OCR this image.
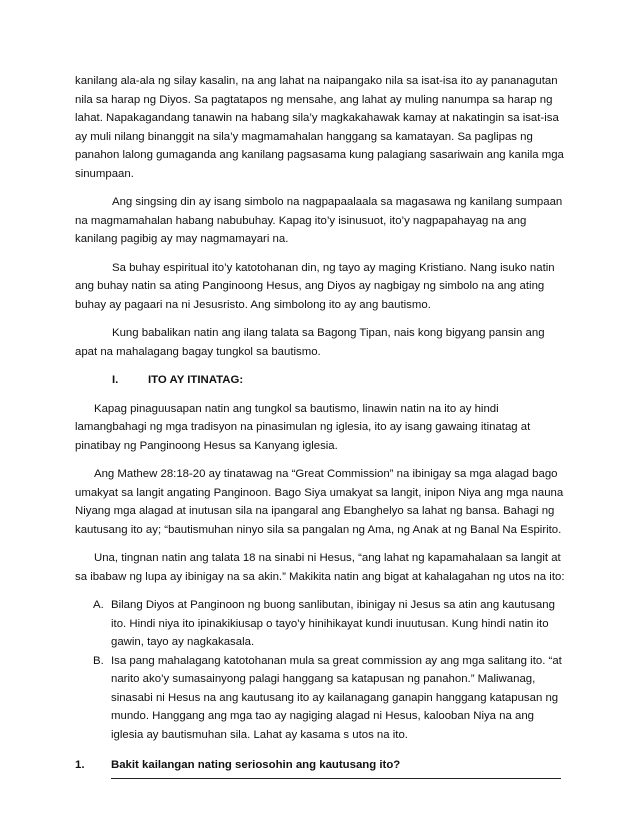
kanilang ala-ala ng silay kasalin, na ang lahat na naipangako nila sa isat-isa ito ay pananagutan nila sa harap ng Diyos. Sa pagtatapos ng mensahe, ang lahat ay muling nanumpa sa harap ng lahat. Napakagandang tanawin na habang sila’y magkakahawak kamay at nakatingin sa isat-isa ay muli nilang binanggit na sila’y magmamahalan hanggang sa kamatayan. Sa paglipas ng panahon lalong gumaganda ang kanilang pagsasama kung palagiang sasariwain ang kanila mga sinumpaan.

Ang singsing din ay isang simbolo na nagpapaalaala sa magasawa ng kanilang sumpaan na magmamahalan habang nabubuhay. Kapag ito’y isinusuot, ito’y nagpapahayag na ang kanilang pagibig ay may nagmamayari na.

Sa buhay espiritual ito’y katotohanan din, ng tayo ay maging Kristiano. Nang isuko natin ang buhay natin sa ating Panginoong Hesus, ang Diyos ay nagbigay ng simbolo na ang ating buhay ay pagaari na ni Jesusristo. Ang simbolong ito ay ang bautismo.

Kung babalikan natin ang ilang talata sa Bagong Tipan, nais kong bigyang pansin ang apat na mahalagang bagay tungkol sa bautismo.

I.	ITO AY ITINATAG:

Kapag pinaguusapan natin ang tungkol sa bautismo, linawin natin na ito ay hindi lamangbahagi ng mga tradisyon na pinasimulan ng iglesia, ito ay isang gawaing itinatag at pinatibay ng Panginoong Hesus sa Kanyang iglesia.

Ang Mathew 28:18-20 ay tinatawag na “Great Commission” na ibinigay sa mga alagad bago umakyat sa langit angating Panginoon. Bago Siya umakyat sa langit, inipon Niya ang mga nauna Niyang mga alagad at inutusan sila na ipangaral ang Ebanghelyo sa lahat ng bansa. Bahagi ng kautusang ito ay; “bautismuhan ninyo sila sa pangalan ng Ama, ng Anak at ng Banal Na Espirito.

Una, tingnan natin ang talata 18 na sinabi ni Hesus, “ang lahat ng kapamahalaan sa langit at sa ibabaw ng lupa ay ibinigay na sa akin.” Makikita natin ang bigat at kahalagahan ng utos na ito:

A. Bilang Diyos at Panginoon ng buong sanlibutan, ibinigay ni Jesus sa atin ang kautusang ito. Hindi niya ito ipinakikiusap o tayo’y hinihikayat kundi inuutusan. Kung hindi natin ito gawin, tayo ay nagkakasala.
B. Isa pang mahalagang katotohanan mula sa great commission ay ang mga salitang ito. “at narito ako’y sumasainyong palagi hanggang sa katapusan ng panahon.” Maliwanag, sinasabi ni Hesus na ang kautusang ito ay kailanagang ganapin hanggang katapusan ng mundo. Hanggang ang mga tao ay nagiging alagad ni Hesus, kalooban Niya na ang iglesia ay bautismuhan sila. Lahat ay kasama s utos na ito.
1.	Bakit kailangan nating seriosohin ang kautusang ito?
